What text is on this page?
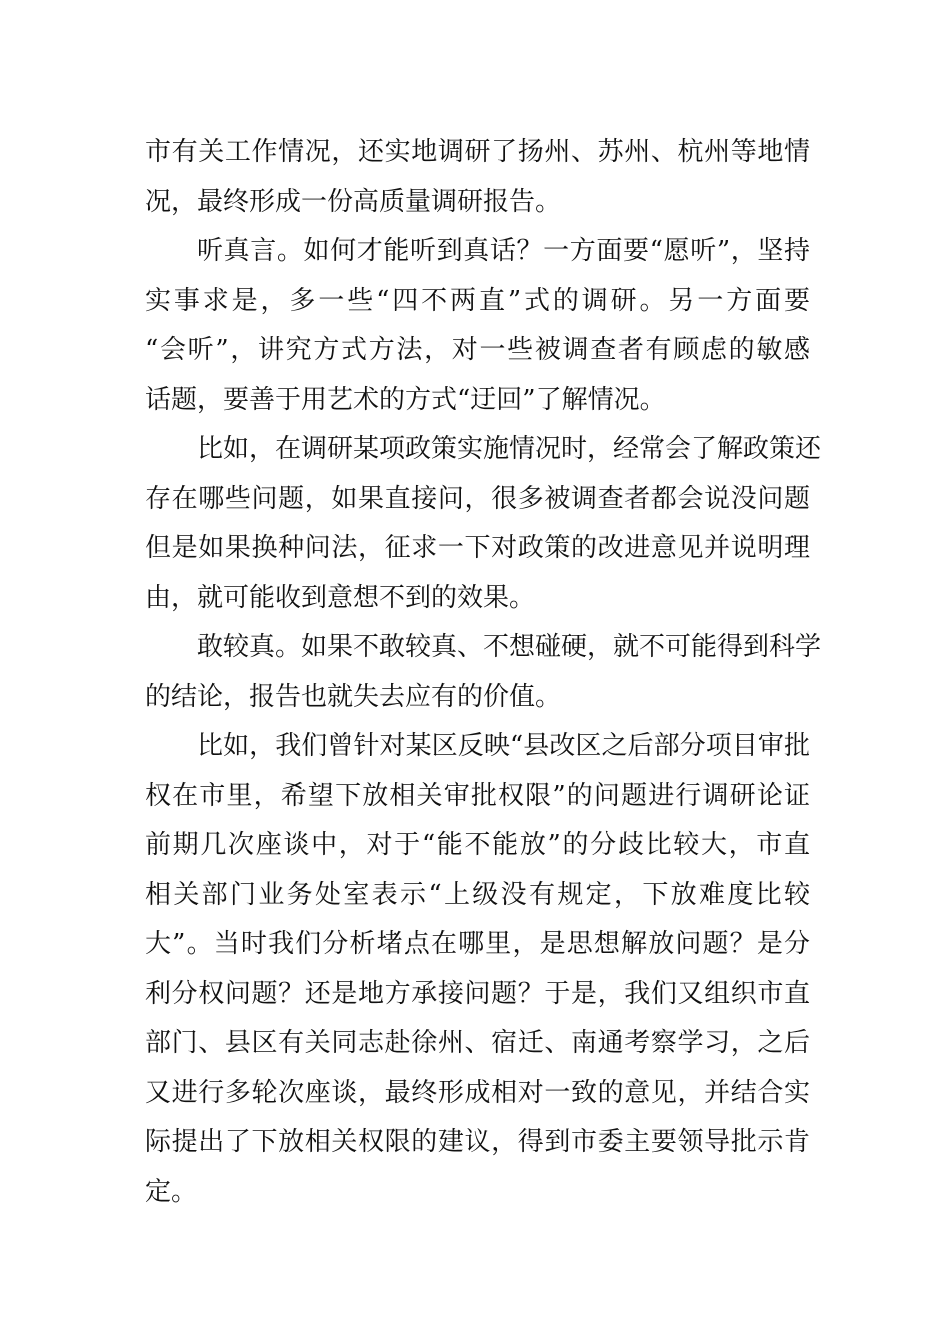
市有关工作情况，还实地调研了扬州、苏州、杭州等地情
况，最终形成一份高质量调研报告。
听真言。如何才能听到真话？一方面要“愿听”，坚持
实事求是，多一些“四不两直”式的调研。另一方面要
“会听”，讲究方式方法，对一些被调查者有顾虑的敏感
话题，要善于用艺术的方式“迂回”了解情况。
比如，在调研某项政策实施情况时，经常会了解政策还
存在哪些问题，如果直接问，很多被调查者都会说没问题
但是如果换种问法，征求一下对政策的改进意见并说明理
由，就可能收到意想不到的效果。
敢较真。如果不敢较真、不想碰硬，就不可能得到科学
的结论，报告也就失去应有的价值。
比如，我们曾针对某区反映“县改区之后部分项目审批
权在市里，希望下放相关审批权限”的问题进行调研论证
前期几次座谈中，对于“能不能放”的分歧比较大，市直
相关部门业务处室表示“上级没有规定，下放难度比较
大”。当时我们分析堵点在哪里，是思想解放问题？是分
利分权问题？还是地方承接问题？于是，我们又组织市直
部门、县区有关同志赴徐州、宿迁、南通考察学习，之后
又进行多轮次座谈，最终形成相对一致的意见，并结合实
际提出了下放相关权限的建议，得到市委主要领导批示肯
定。
